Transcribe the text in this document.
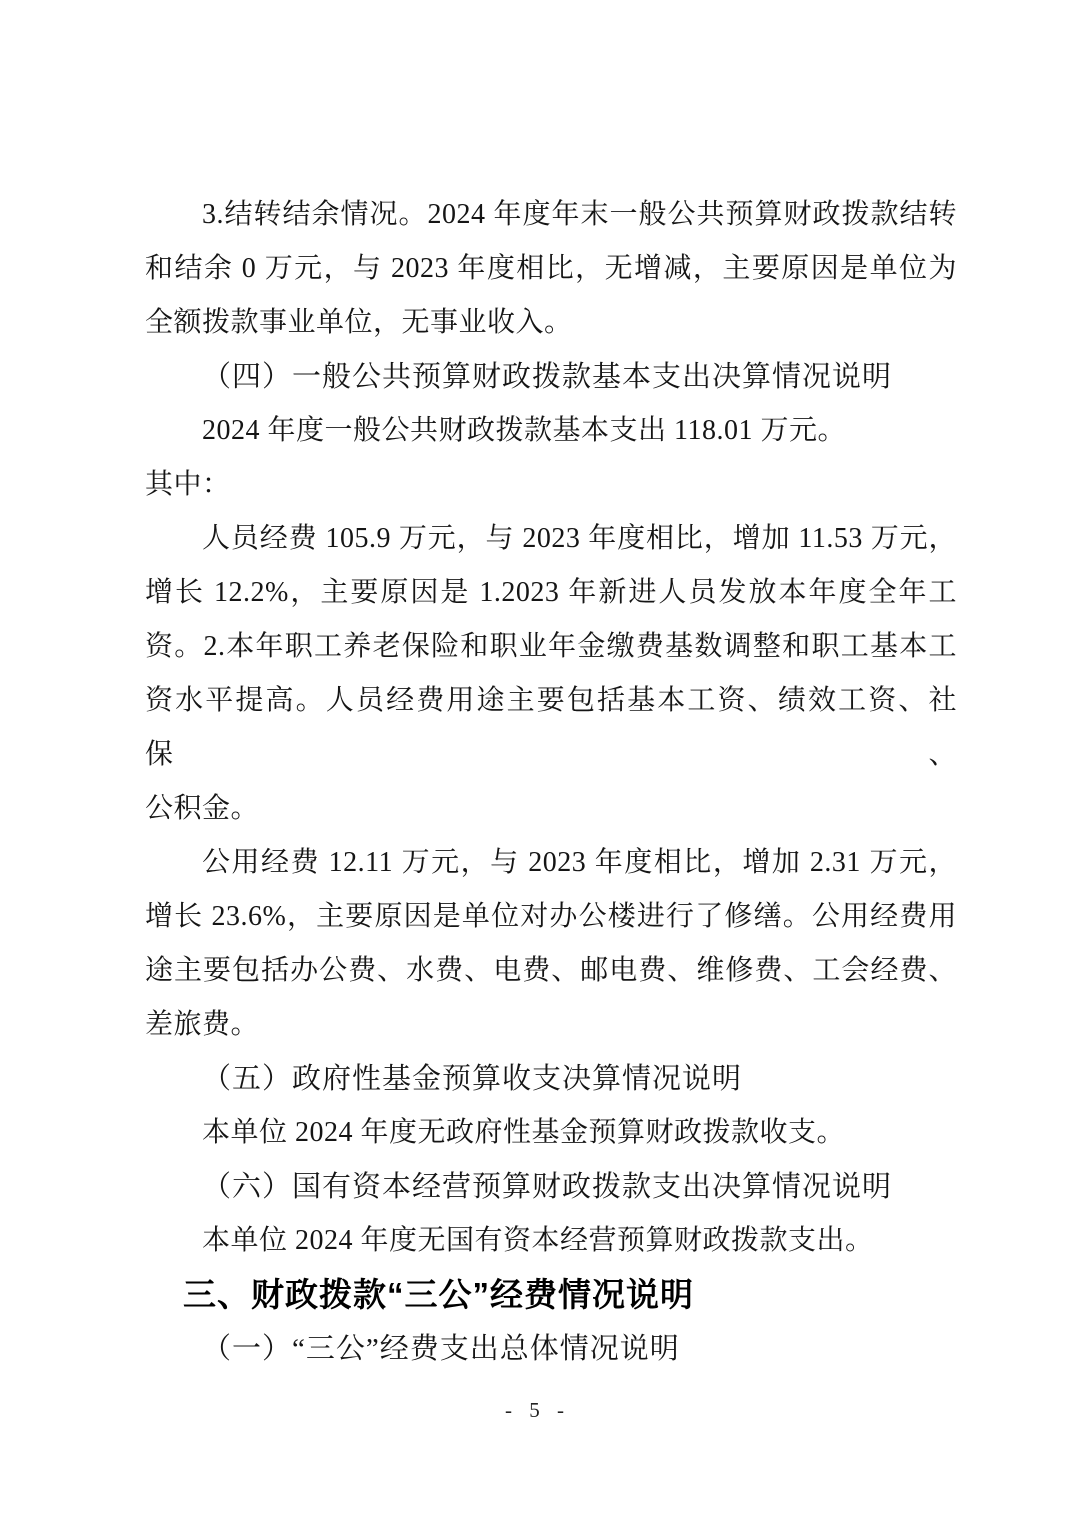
3.结转结余情况。2024 年度年末一般公共预算财政拨款结转
和结余 0 万元，与 2023 年度相比，无增减，主要原因是单位为
全额拨款事业单位，无事业收入。
（四）一般公共预算财政拨款基本支出决算情况说明
2024 年度一般公共财政拨款基本支出 118.01 万元。
其中：
人员经费 105.9 万元，与 2023 年度相比，增加 11.53 万元，
增长 12.2%，主要原因是 1.2023 年新进人员发放本年度全年工
资。2.本年职工养老保险和职业年金缴费基数调整和职工基本工
资水平提高。人员经费用途主要包括基本工资、绩效工资、社保、
公积金。
公用经费 12.11 万元，与 2023 年度相比，增加 2.31 万元，
增长 23.6%，主要原因是单位对办公楼进行了修缮。公用经费用
途主要包括办公费、水费、电费、邮电费、维修费、工会经费、
差旅费。
（五）政府性基金预算收支决算情况说明
本单位 2024 年度无政府性基金预算财政拨款收支。
（六）国有资本经营预算财政拨款支出决算情况说明
本单位 2024 年度无国有资本经营预算财政拨款支出。
三、财政拨款“三公”经费情况说明
（一）“三公”经费支出总体情况说明
- 5 -
